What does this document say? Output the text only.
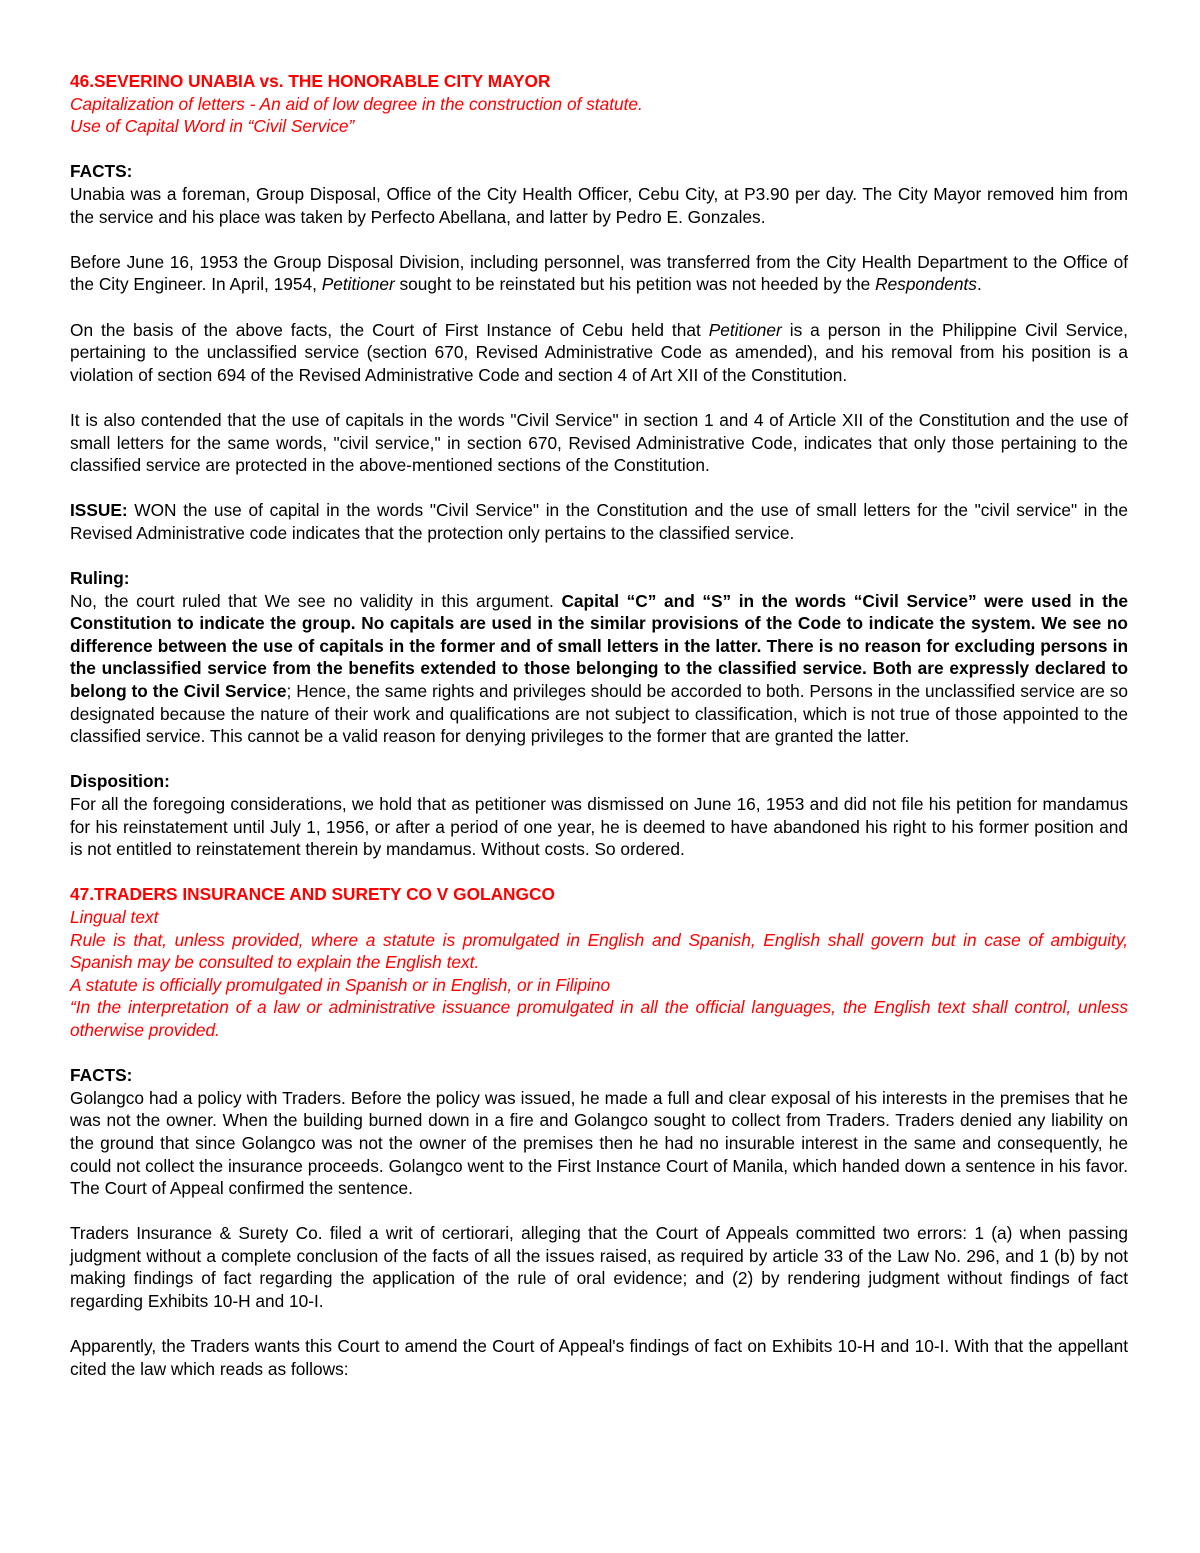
46.SEVERINO UNABIA vs. THE HONORABLE CITY MAYOR
Capitalization of letters - An aid of low degree in the construction of statute.
Use of Capital Word in “Civil Service”
FACTS:

Unabia was a foreman, Group Disposal, Office of the City Health Officer, Cebu City, at P3.90 per day. The City Mayor removed him from the service and his place was taken by Perfecto Abellana, and latter by Pedro E. Gonzales.

Before June 16, 1953 the Group Disposal Division, including personnel, was transferred from the City Health Department to the Office of the City Engineer. In April, 1954, Petitioner sought to be reinstated but his petition was not heeded by the Respondents.

On the basis of the above facts, the Court of First Instance of Cebu held that Petitioner is a person in the Philippine Civil Service, pertaining to the unclassified service (section 670, Revised Administrative Code as amended), and his removal from his position is a violation of section 694 of the Revised Administrative Code and section 4 of Art XII of the Constitution.

It is also contended that the use of capitals in the words "Civil Service" in section 1 and 4 of Article XII of the Constitution and the use of small letters for the same words, "civil service," in section 670, Revised Administrative Code, indicates that only those pertaining to the classified service are protected in the above-mentioned sections of the Constitution.

ISSUE: WON the use of capital in the words "Civil Service" in the Constitution and the use of small letters for the "civil service" in the Revised Administrative code indicates that the protection only pertains to the classified service.

Ruling:

No, the court ruled that We see no validity in this argument. Capital “C” and “S” in the words “Civil Service” were used in the Constitution to indicate the group. No capitals are used in the similar provisions of the Code to indicate the system. We see no difference between the use of capitals in the former and of small letters in the latter. There is no reason for excluding persons in the unclassified service from the benefits extended to those belonging to the classified service. Both are expressly declared to belong to the Civil Service; Hence, the same rights and privileges should be accorded to both. Persons in the unclassified service are so designated because the nature of their work and qualifications are not subject to classification, which is not true of those appointed to the classified service. This cannot be a valid reason for denying privileges to the former that are granted the latter.

Disposition:

For all the foregoing considerations, we hold that as petitioner was dismissed on June 16, 1953 and did not file his petition for mandamus for his reinstatement until July 1, 1956, or after a period of one year, he is deemed to have abandoned his right to his former position and is not entitled to reinstatement therein by mandamus. Without costs. So ordered.

47.TRADERS INSURANCE AND SURETY CO V GOLANGCO
Lingual text

Rule is that, unless provided, where a statute is promulgated in English and Spanish, English shall govern but in case of ambiguity, Spanish may be consulted to explain the English text.

A statute is officially promulgated in Spanish or in English, or in Filipino

“In the interpretation of a law or administrative issuance promulgated in all the official languages, the English text shall control, unless otherwise provided.

FACTS:

Golangco had a policy with Traders. Before the policy was issued, he made a full and clear exposal of his interests in the premises that he was not the owner. When the building burned down in a fire and Golangco sought to collect from Traders. Traders denied any liability on the ground that since Golangco was not the owner of the premises then he had no insurable interest in the same and consequently, he could not collect the insurance proceeds. Golangco went to the First Instance Court of Manila, which handed down a sentence in his favor. The Court of Appeal confirmed the sentence.

Traders Insurance & Surety Co. filed a writ of certiorari, alleging that the Court of Appeals committed two errors: 1 (a) when passing judgment without a complete conclusion of the facts of all the issues raised, as required by article 33 of the Law No. 296, and 1 (b) by not making findings of fact regarding the application of the rule of oral evidence; and (2) by rendering judgment without findings of fact regarding Exhibits 10-H and 10-I.

Apparently, the Traders wants this Court to amend the Court of Appeal's findings of fact on Exhibits 10-H and 10-I. With that the appellant cited the law which reads as follows:
